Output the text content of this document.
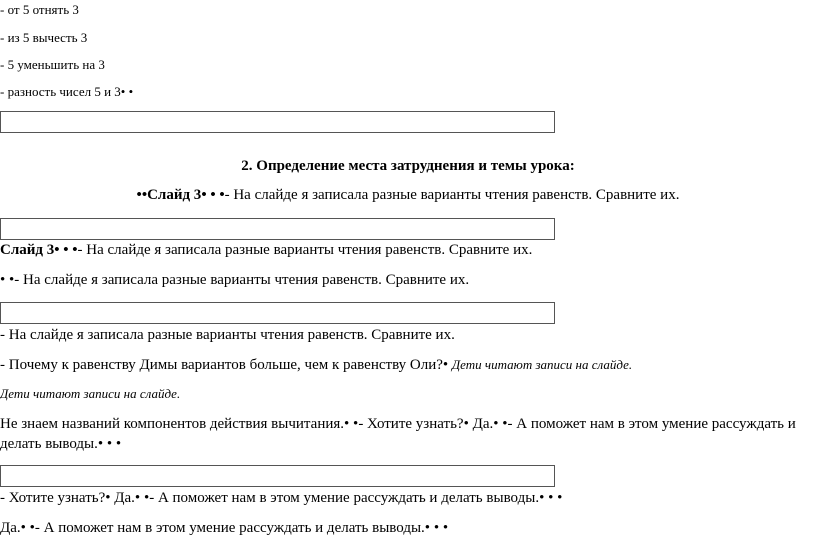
- от 5 отнять 3
- из 5 вычесть 3
- 5 уменьшить на 3
- разность чисел 5 и 3• •
2. Определение места затруднения и темы урока:
••Слайд 3• • •- На слайде я записала разные варианты чтения равенств. Сравните их.
Слайд 3• • •- На слайде я записала разные варианты чтения равенств. Сравните их.
• •- На слайде я записала разные варианты чтения равенств. Сравните их.
- На слайде я записала разные варианты чтения равенств. Сравните их.
- Почему к равенству Димы вариантов больше, чем к равенству Оли?• Дети читают записи на слайде.
Дети читают записи на слайде.
Не знаем названий компонентов действия вычитания.• •- Хотите узнать?• Да.• •- А поможет нам в этом умение рассуждать и делать выводы.• • •
- Хотите узнать?• Да.• •- А поможет нам в этом умение рассуждать и делать выводы.• • •
Да.• •- А поможет нам в этом умение рассуждать и делать выводы.• • •
